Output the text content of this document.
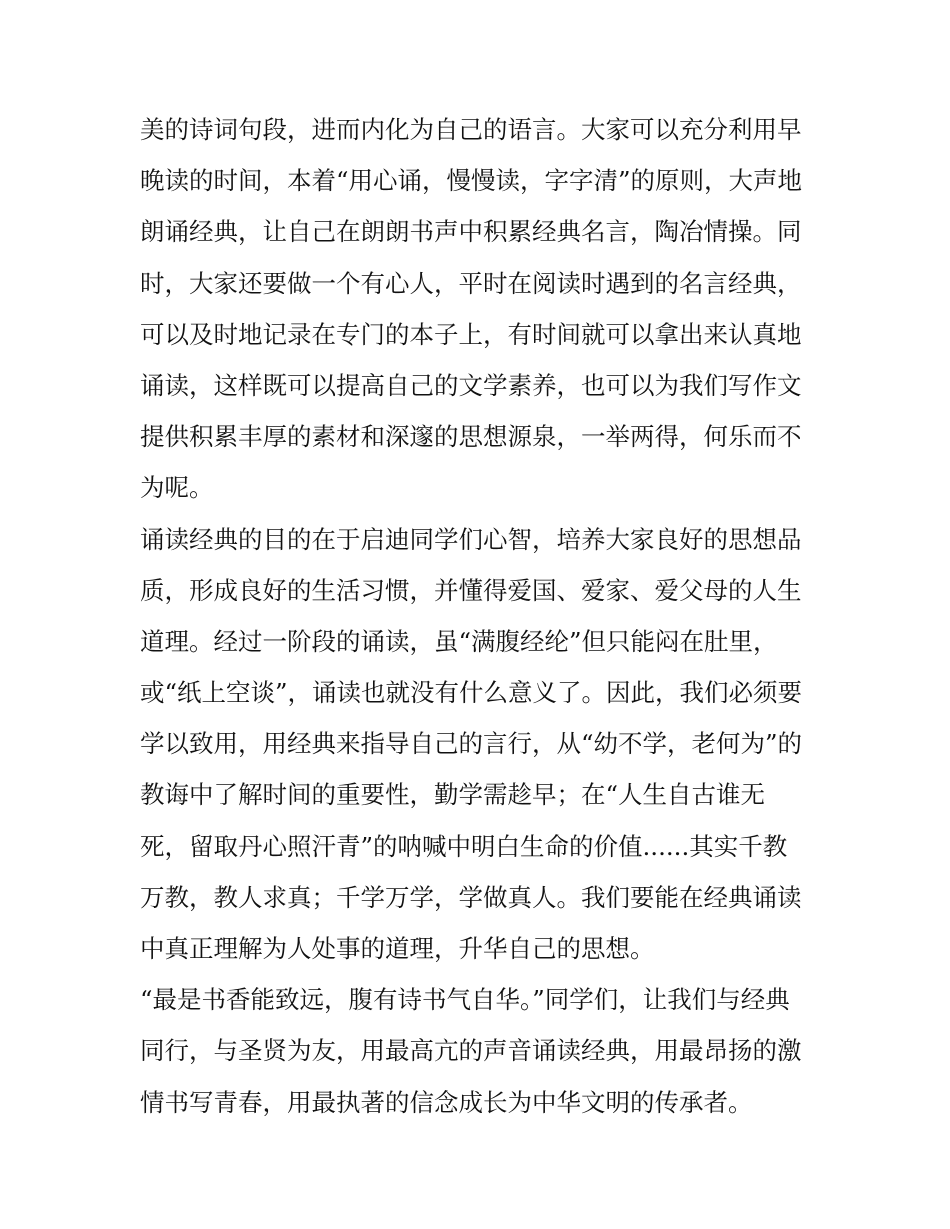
美的诗词句段，进而内化为自己的语言。大家可以充分利用早
晚读的时间，本着“用心诵，慢慢读，字字清”的原则，大声地
朗诵经典，让自己在朗朗书声中积累经典名言，陶冶情操。同
时，大家还要做一个有心人，平时在阅读时遇到的名言经典，
可以及时地记录在专门的本子上，有时间就可以拿出来认真地
诵读，这样既可以提高自己的文学素养，也可以为我们写作文
提供积累丰厚的素材和深邃的思想源泉，一举两得，何乐而不
为呢。
诵读经典的目的在于启迪同学们心智，培养大家良好的思想品
质，形成良好的生活习惯，并懂得爱国、爱家、爱父母的人生
道理。经过一阶段的诵读，虽“满腹经纶”但只能闷在肚里，
或“纸上空谈”，诵读也就没有什么意义了。因此，我们必须要
学以致用，用经典来指导自己的言行，从“幼不学，老何为”的
教诲中了解时间的重要性，勤学需趁早；在“人生自古谁无
死，留取丹心照汗青”的呐喊中明白生命的价值......其实千教
万教，教人求真；千学万学，学做真人。我们要能在经典诵读
中真正理解为人处事的道理，升华自己的思想。
“最是书香能致远，腹有诗书气自华。”同学们，让我们与经典
同行，与圣贤为友，用最高亢的声音诵读经典，用最昂扬的激
情书写青春，用最执著的信念成长为中华文明的传承者。
